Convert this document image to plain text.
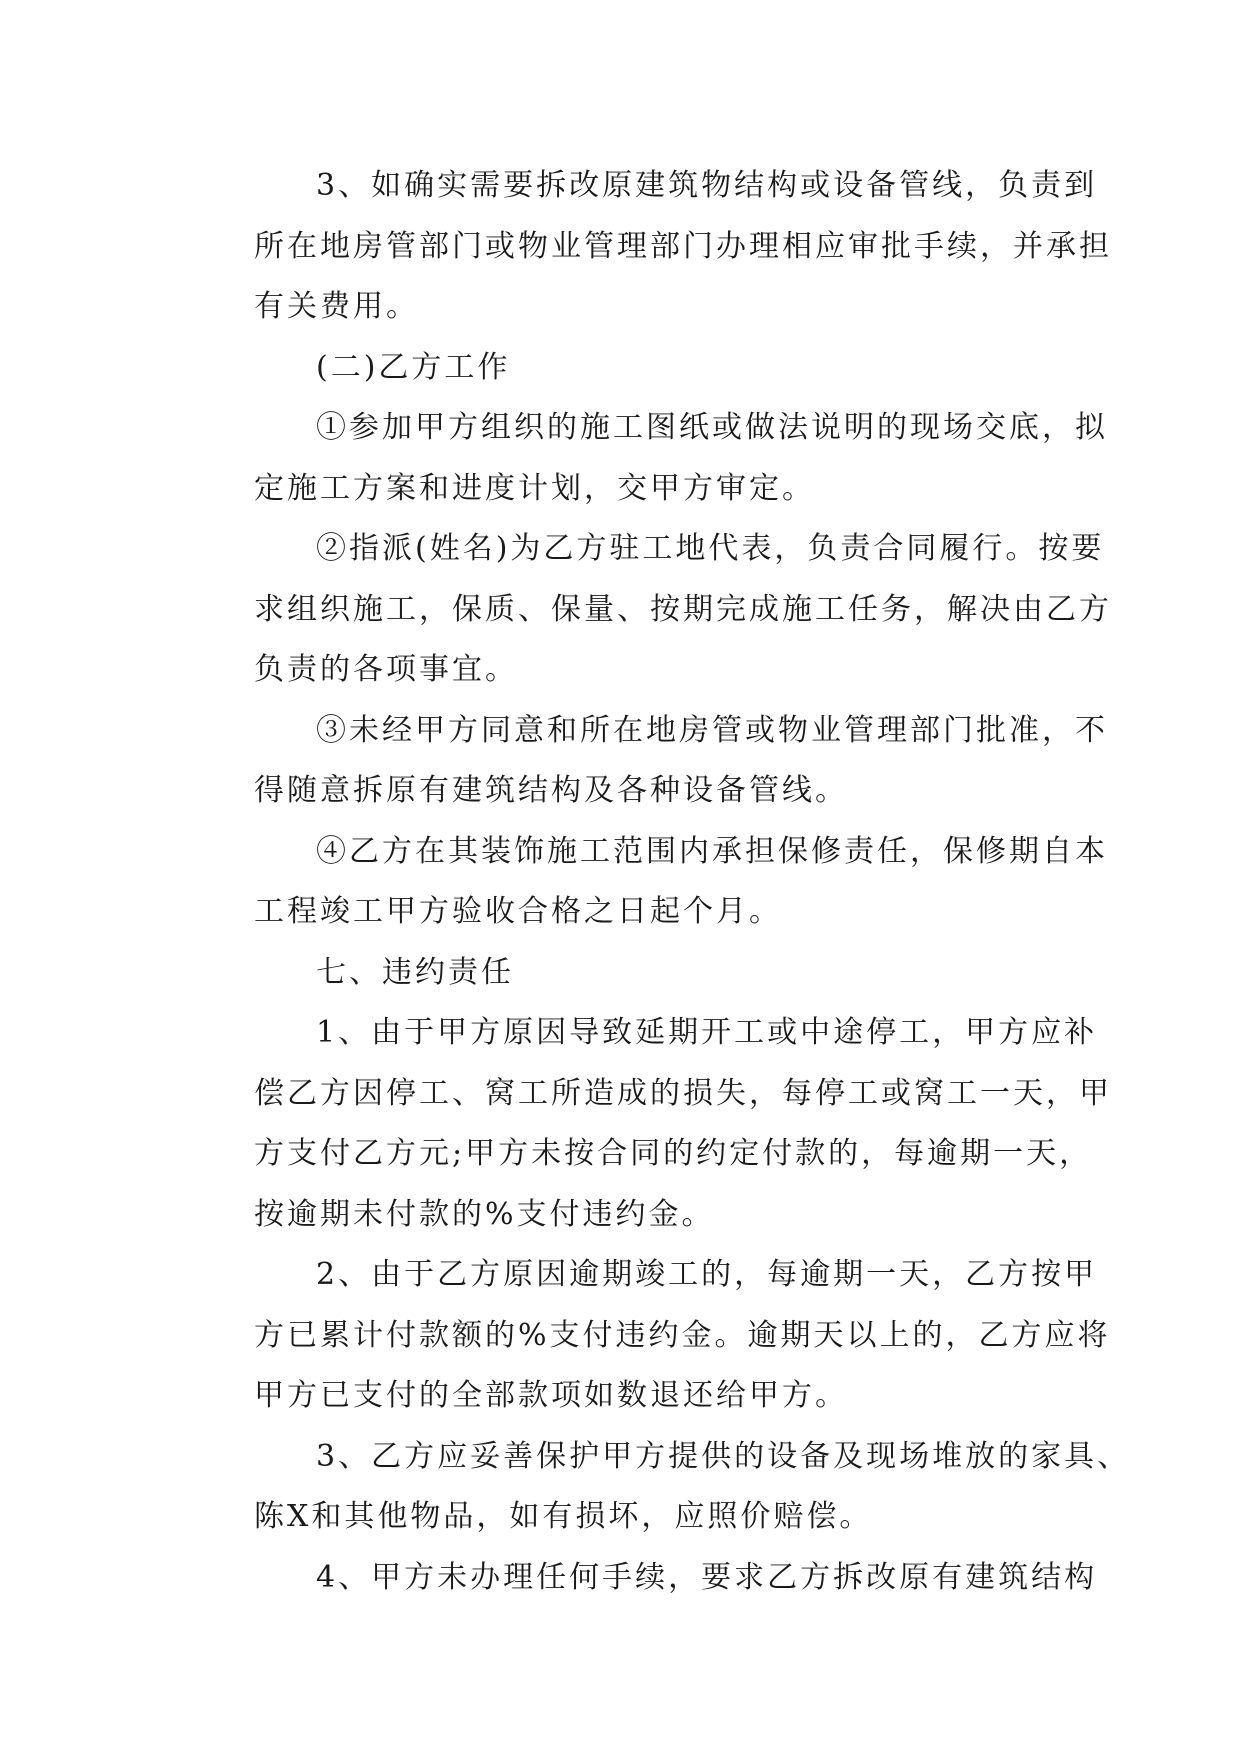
3、如确实需要拆改原建筑物结构或设备管线，负责到
所在地房管部门或物业管理部门办理相应审批手续，并承担
有关费用。
(二)乙方工作
①参加甲方组织的施工图纸或做法说明的现场交底，拟
定施工方案和进度计划，交甲方审定。
②指派(姓名)为乙方驻工地代表，负责合同履行。按要
求组织施工，保质、保量、按期完成施工任务，解决由乙方
负责的各项事宜。
③未经甲方同意和所在地房管或物业管理部门批准，不
得随意拆原有建筑结构及各种设备管线。
④乙方在其装饰施工范围内承担保修责任，保修期自本
工程竣工甲方验收合格之日起个月。
七、违约责任
1、由于甲方原因导致延期开工或中途停工，甲方应补
偿乙方因停工、窝工所造成的损失，每停工或窝工一天，甲
方支付乙方元;甲方未按合同的约定付款的，每逾期一天，
按逾期未付款的%支付违约金。
2、由于乙方原因逾期竣工的，每逾期一天，乙方按甲
方已累计付款额的%支付违约金。逾期天以上的，乙方应将
甲方已支付的全部款项如数退还给甲方。
3、乙方应妥善保护甲方提供的设备及现场堆放的家具、
陈X和其他物品，如有损坏，应照价赔偿。
4、甲方未办理任何手续，要求乙方拆改原有建筑结构
